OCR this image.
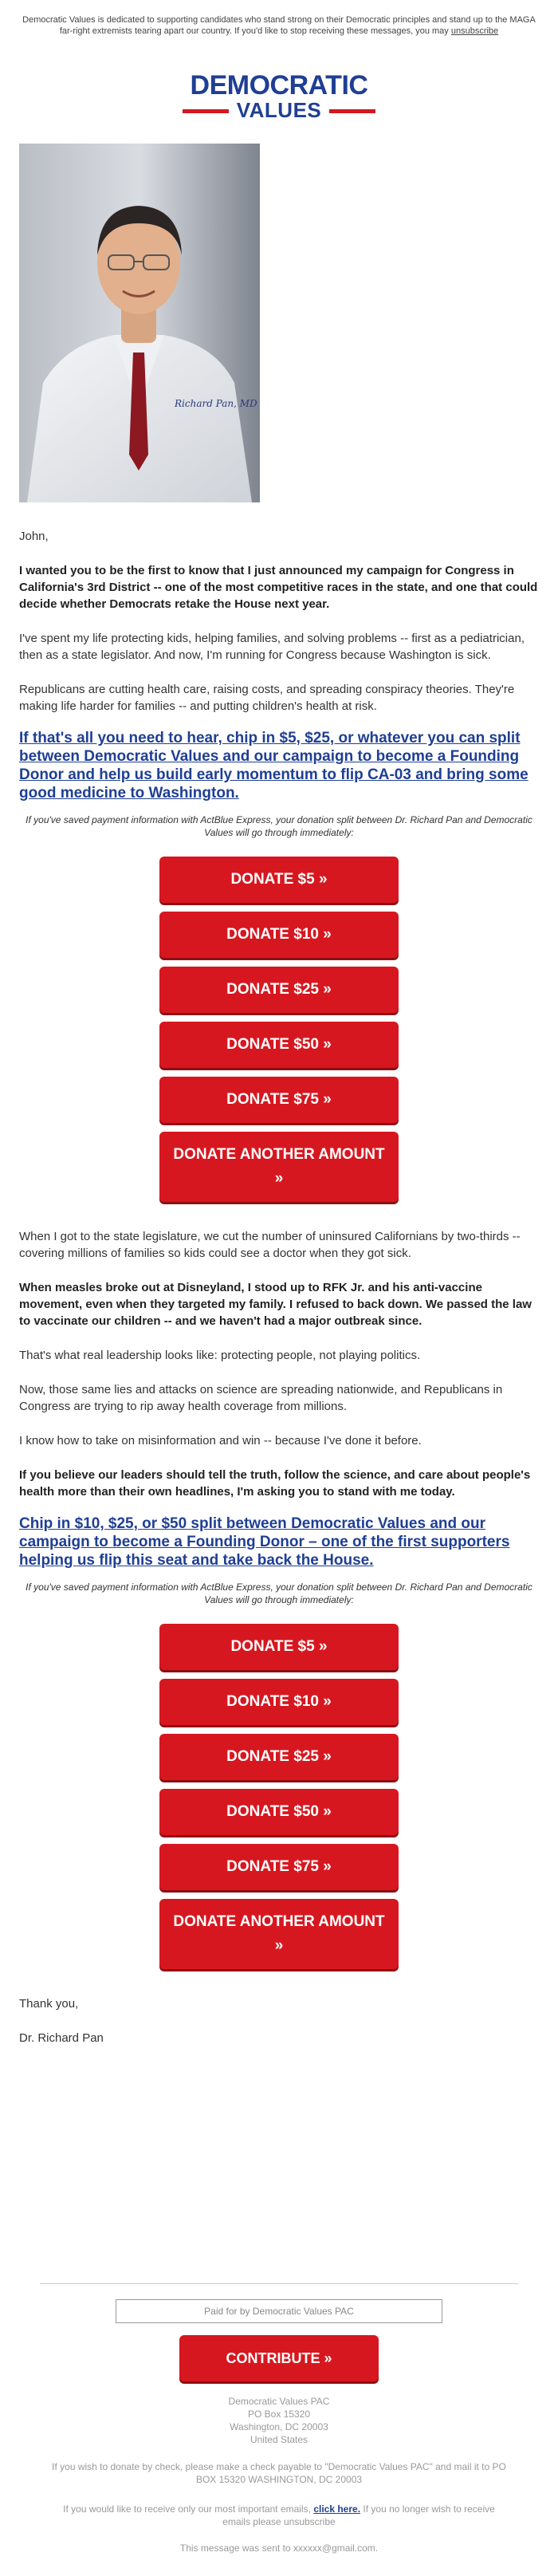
Democratic Values is dedicated to supporting candidates who stand strong on their Democratic principles and stand up to the MAGA far-right extremists tearing apart our country. If you'd like to stop receiving these messages, you may unsubscribe
DEMOCRATIC
VALUES
Richard Pan, MD

John,

I wanted you to be the first to know that I just announced my campaign for Congress in California's 3rd District -- one of the most competitive races in the state, and one that could decide whether Democrats retake the House next year.

I've spent my life protecting kids, helping families, and solving problems -- first as a pediatrician, then as a state legislator. And now, I'm running for Congress because Washington is sick.

Republicans are cutting health care, raising costs, and spreading conspiracy theories. They're making life harder for families -- and putting children's health at risk.

If that's all you need to hear, chip in $5, $25, or whatever you can split between Democratic Values and our campaign to become a Founding Donor and help us build early momentum to flip CA-03 and bring some good medicine to Washington.

If you've saved payment information with ActBlue Express, your donation split between Dr. Richard Pan and Democratic Values will go through immediately:

DONATE $5 »
DONATE $10 »
DONATE $25 »
DONATE $50 »
DONATE $75 »
DONATE ANOTHER AMOUNT »

When I got to the state legislature, we cut the number of uninsured Californians by two-thirds -- covering millions of families so kids could see a doctor when they got sick.

When measles broke out at Disneyland, I stood up to RFK Jr. and his anti-vaccine movement, even when they targeted my family. I refused to back down. We passed the law to vaccinate our children -- and we haven't had a major outbreak since.

That's what real leadership looks like: protecting people, not playing politics.

Now, those same lies and attacks on science are spreading nationwide, and Republicans in Congress are trying to rip away health coverage from millions.

I know how to take on misinformation and win -- because I've done it before.

If you believe our leaders should tell the truth, follow the science, and care about people's health more than their own headlines, I'm asking you to stand with me today.

Chip in $10, $25, or $50 split between Democratic Values and our campaign to become a Founding Donor – one of the first supporters helping us flip this seat and take back the House.

If you've saved payment information with ActBlue Express, your donation split between Dr. Richard Pan and Democratic Values will go through immediately:

DONATE $5 »
DONATE $10 »
DONATE $25 »
DONATE $50 »
DONATE $75 »
DONATE ANOTHER AMOUNT »

Thank you,

Dr. Richard Pan

Paid for by Democratic Values PAC
CONTRIBUTE »
Democratic Values PAC
PO Box 15320
Washington, DC 20003
United States
If you wish to donate by check, please make a check payable to "Democratic Values PAC" and mail it to PO BOX 15320 WASHINGTON, DC 20003
If you would like to receive only our most important emails, click here. If you no longer wish to receive emails please unsubscribe
This message was sent to xxxxxx@gmail.com.
